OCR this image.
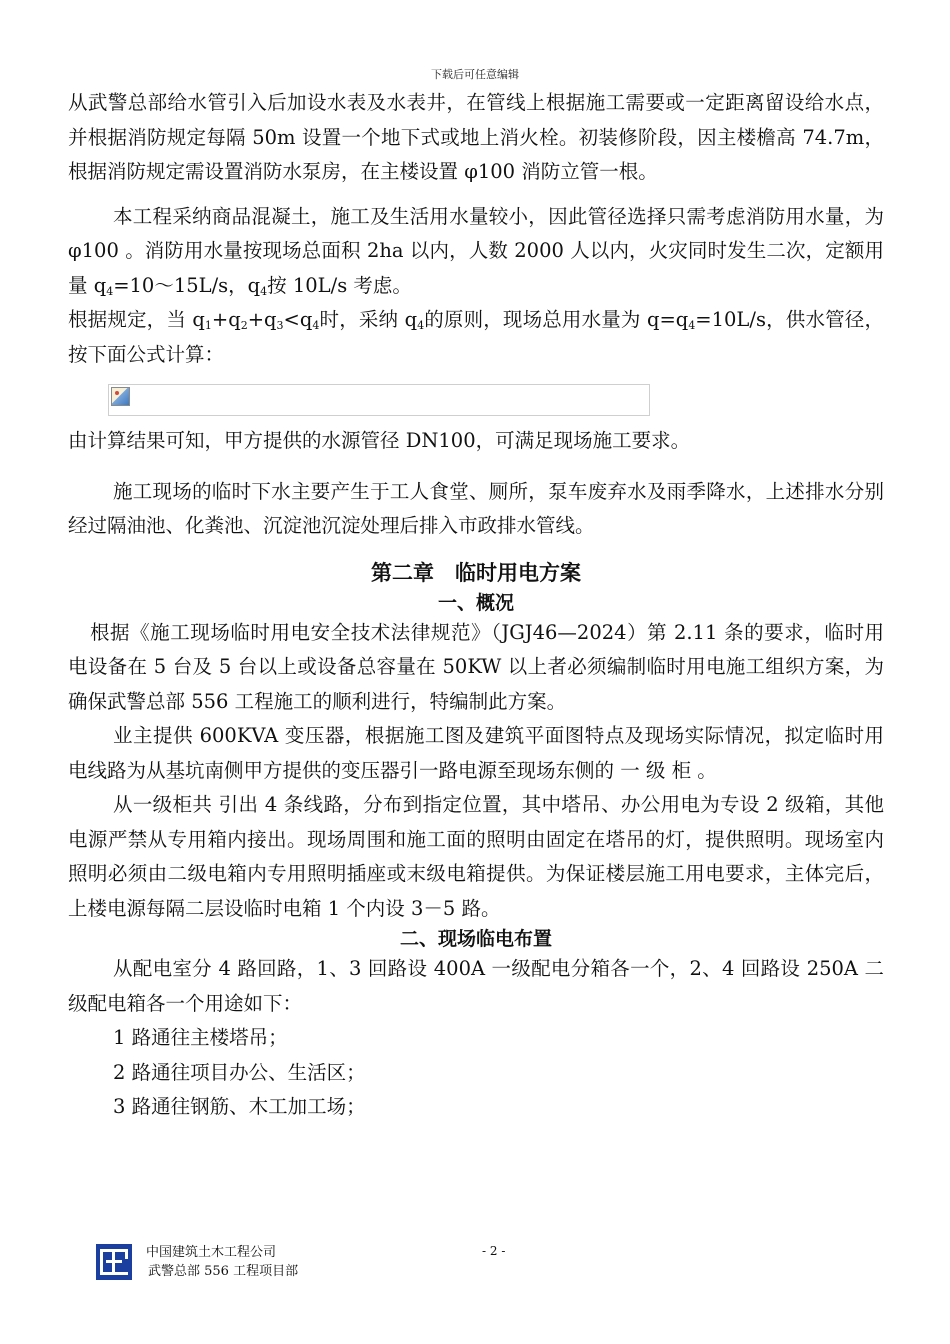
下载后可任意编辑

从武警总部给水管引入后加设水表及水表井，在管线上根据施工需要或一定距离留设给水点，并根据消防规定每隔 50m 设置一个地下式或地上消火栓。初装修阶段，因主楼檐高 74.7m，根据消防规定需设置消防水泵房，在主楼设置 φ100 消防立管一根。

本工程采纳商品混凝土，施工及生活用水量较小，因此管径选择只需考虑消防用水量，为 φ100 。消防用水量按现场总面积 2ha 以内，人数 2000 人以内，火灾同时发生二次，定额用量 $q_4=10\sim 15L/s$，$q_4$按 10L/s 考虑。

根据规定，当 $q_1+q_2+q_3<q_4$时，采纳 $q_4$的原则，现场总用水量为 $q=q_4=10L/s$，供水管径，按下面公式计算：

由计算结果可知，甲方提供的水源管径 DN100，可满足现场施工要求。

施工现场的临时下水主要产生于工人食堂、厕所，泵车废弃水及雨季降水，上述排水分别经过隔油池、化粪池、沉淀池沉淀处理后排入市政排水管线。

第二章　临时用电方案
一、概况

根据《施工现场临时用电安全技术法律规范》（JGJ46—2024）第 2.11 条的要求，临时用电设备在 5 台及 5 台以上或设备总容量在 50KW 以上者必须编制临时用电施工组织方案，为确保武警总部 556 工程施工的顺利进行，特编制此方案。

业主提供 600KVA 变压器，根据施工图及建筑平面图特点及现场实际情况，拟定临时用电线路为从基坑南侧甲方提供的变压器引一路电源至现场东侧的 一 级 柜 。

从一级柜共 引出 4 条线路，分布到指定位置，其中塔吊、办公用电为专设 2 级箱，其他电源严禁从专用箱内接出。现场周围和施工面的照明由固定在塔吊的灯，提供照明。现场室内照明必须由二级电箱内专用照明插座或末级电箱提供。为保证楼层施工用电要求，主体完后，上楼电源每隔二层设临时电箱 1 个内设 3－5 路。

二、现场临电布置

从配电室分 4 路回路，1、3 回路设 400A 一级配电分箱各一个，2、4 回路设 250A 二级配电箱各一个用途如下：

1 路通往主楼塔吊；

2 路通往项目办公、生活区；

3 路通往钢筋、木工加工场；

中国建筑土木工程公司
武警总部 556 工程项目部
- 2 -
